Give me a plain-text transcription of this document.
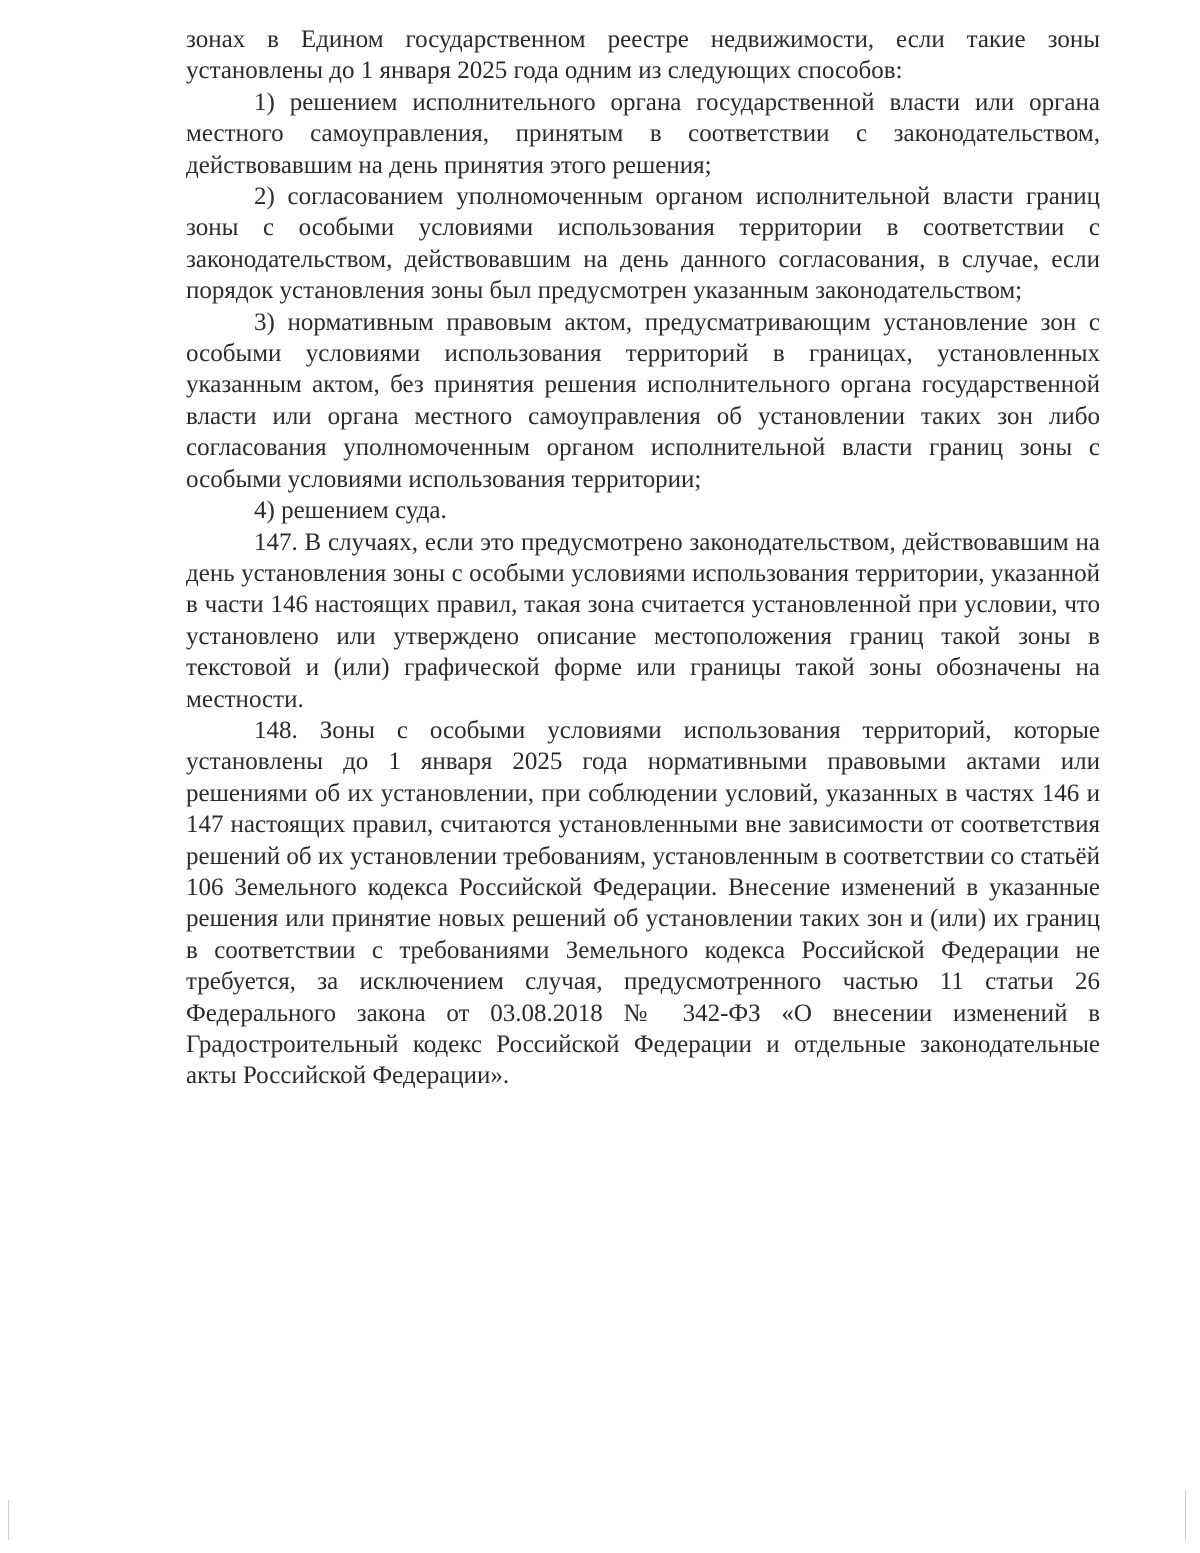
зонах в Едином государственном реестре недвижимости, если такие зоны установлены до 1 января 2025 года одним из следующих способов:

1) решением исполнительного органа государственной власти или органа местного самоуправления, принятым в соответствии с законодательством, действовавшим на день принятия этого решения;

2) согласованием уполномоченным органом исполнительной власти границ зоны с особыми условиями использования территории в соответствии с законодательством, действовавшим на день данного согласования, в случае, если порядок установления зоны был предусмотрен указанным законодательством;

3) нормативным правовым актом, предусматривающим установление зон с особыми условиями использования территорий в границах, установленных указанным актом, без принятия решения исполнительного органа государственной власти или органа местного самоуправления об установлении таких зон либо согласования уполномоченным органом исполнительной власти границ зоны с особыми условиями использования территории;

4) решением суда.

147. В случаях, если это предусмотрено законодательством, действовавшим на день установления зоны с особыми условиями использования территории, указанной в части 146 настоящих правил, такая зона считается установленной при условии, что установлено или утверждено описание местоположения границ такой зоны в текстовой и (или) графической форме или границы такой зоны обозначены на местности.

148. Зоны с особыми условиями использования территорий, которые установлены до 1 января 2025 года нормативными правовыми актами или решениями об их установлении, при соблюдении условий, указанных в частях 146 и 147 настоящих правил, считаются установленными вне зависимости от соответствия решений об их установлении требованиям, установленным в соответствии со статьёй 106 Земельного кодекса Российской Федерации. Внесение изменений в указанные решения или принятие новых решений об установлении таких зон и (или) их границ в соответствии с требованиями Земельного кодекса Российской Федерации не требуется, за исключением случая, предусмотренного частью 11 статьи 26 Федерального закона от 03.08.2018 № 342-ФЗ «О внесении изменений в Градостроительный кодекс Российской Федерации и отдельные законодательные акты Российской Федерации».
